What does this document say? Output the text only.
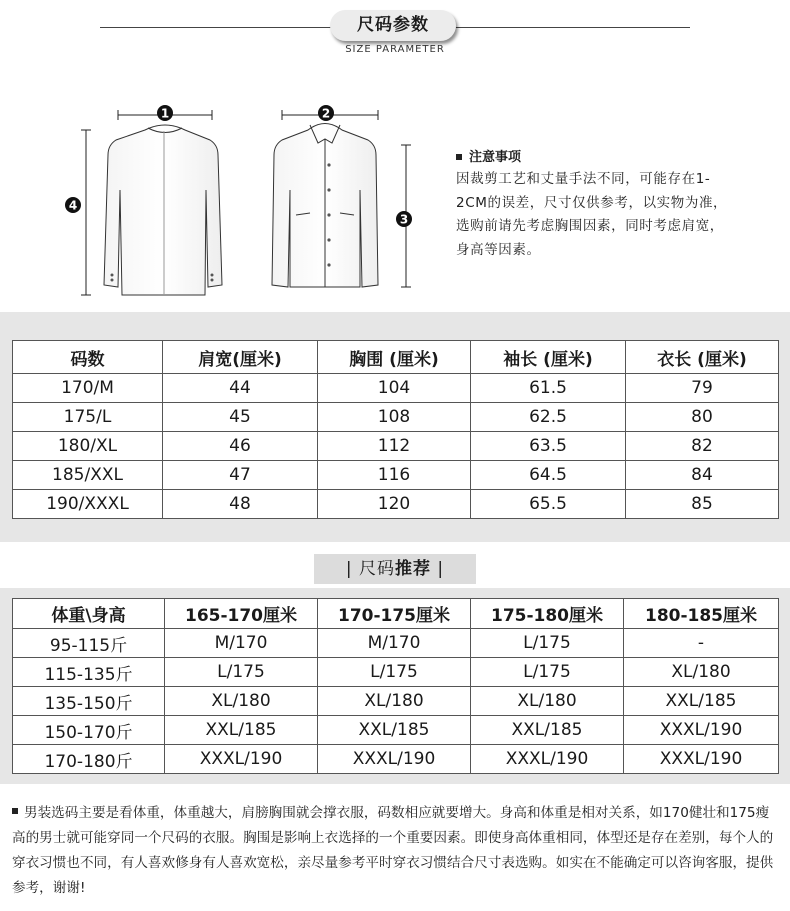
尺码参数
SIZE PARAMETER
1	2
3
4
注意事项
因裁剪工艺和丈量手法不同，可能存在1-2CM的误差，尺寸仅供参考，以实物为准，选购前请先考虑胸围因素，同时考虑肩宽，身高等因素。
码数	肩宽(厘米)	胸围 (厘米)	袖长 (厘米)	衣长 (厘米)
170/M	44	104	61.5	79
175/L	45	108	62.5	80
180/XL	46	112	63.5	82
185/XXL	47	116	64.5	84
190/XXXL	48	120	65.5	85
| 尺码推荐 |
体重\身高	165-170厘米	170-175厘米	175-180厘米	180-185厘米
95-115斤	M/170	M/170	L/175	-
115-135斤	L/175	L/175	L/175	XL/180
135-150斤	XL/180	XL/180	XL/180	XXL/185
150-170斤	XXL/185	XXL/185	XXL/185	XXXL/190
170-180斤	XXXL/190	XXXL/190	XXXL/190	XXXL/190
男装选码主要是看体重，体重越大，肩膀胸围就会撑衣服，码数相应就要增大。身高和体重是相对关系，如170健壮和175瘦高的男士就可能穿同一个尺码的衣服。胸围是影响上衣选择的一个重要因素。即使身高体重相同，体型还是存在差别，每个人的穿衣习惯也不同，有人喜欢修身有人喜欢宽松，亲尽量参考平时穿衣习惯结合尺寸表选购。如实在不能确定可以咨询客服，提供参考，谢谢!
